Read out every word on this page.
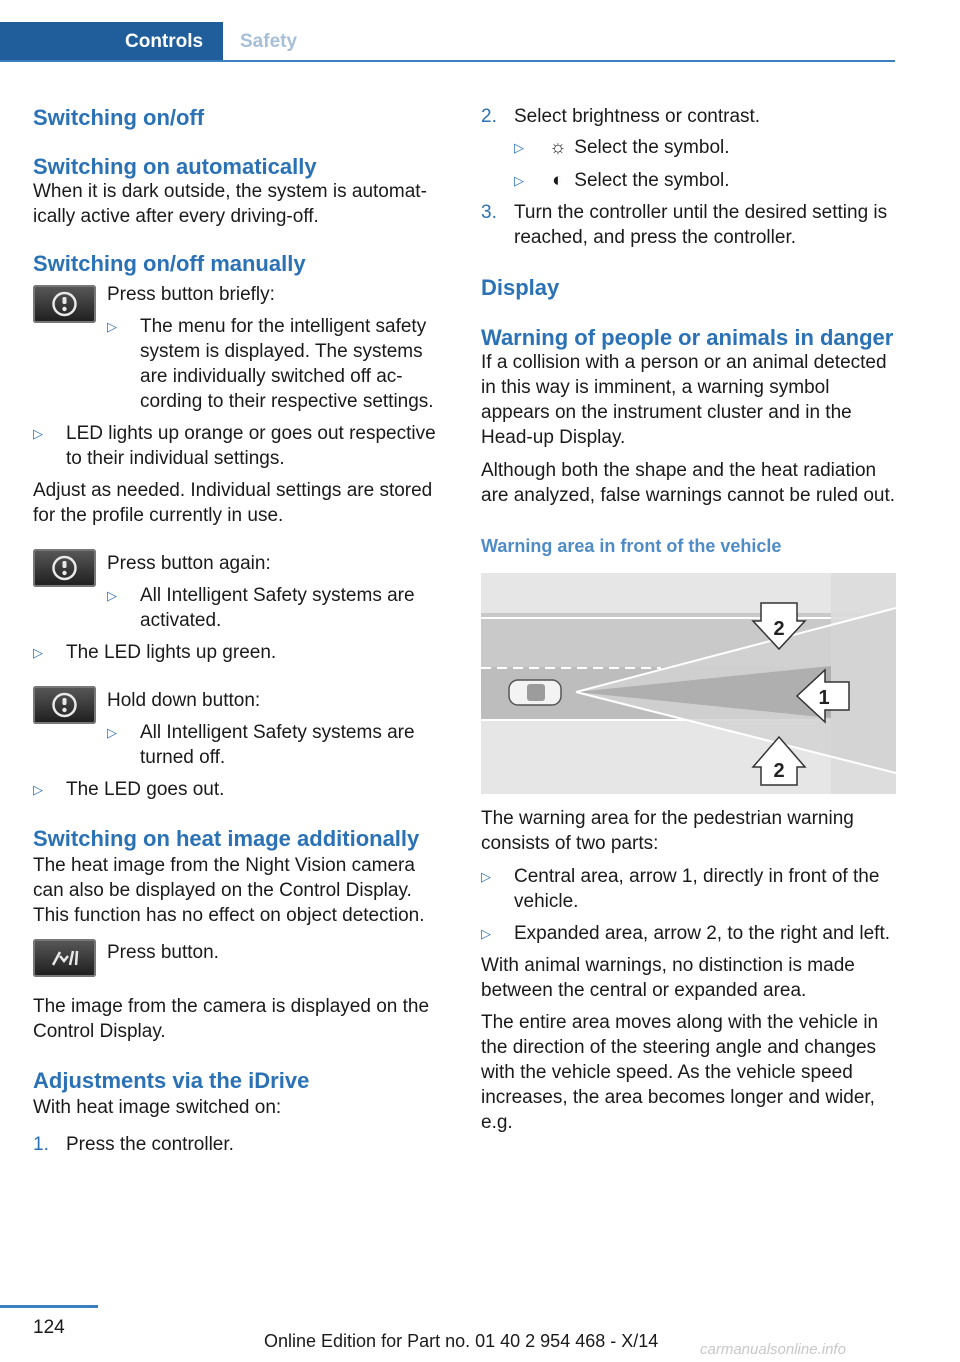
Controls Safety
Switching on/off
Switching on automatically

When it is dark outside, the system is automatically active after every driving-off.

Switching on/off manually

Press button briefly:

▷ The menu for the intelligent safety system is displayed. The systems are individually switched off according to their respective settings.
▷ LED lights up orange or goes out respective to their individual settings.

Adjust as needed. Individual settings are stored for the profile currently in use.

Press button again:

▷ All Intelligent Safety systems are activated.
▷ The LED lights up green.

Hold down button:

▷ All Intelligent Safety systems are turned off.
▷ The LED goes out.
Switching on heat image additionally

The heat image from the Night Vision camera can also be displayed on the Control Display. This function has no effect on object detection.

Press button.

The image from the camera is displayed on the Control Display.

Adjustments via the iDrive

With heat image switched on:

1. Press the controller.
2. Select brightness or contrast.
▷ ☼ Select the symbol.
▷ ◐ Select the symbol.
3. Turn the controller until the desired setting is reached, and press the controller.
Display
Warning of people or animals in danger

If a collision with a person or an animal detected in this way is imminent, a warning symbol appears on the instrument cluster and in the Head-up Display.

Although both the shape and the heat radiation are analyzed, false warnings cannot be ruled out.

Warning area in front of the vehicle
2
1
2

The warning area for the pedestrian warning consists of two parts:

▷ Central area, arrow 1, directly in front of the vehicle.
▷ Expanded area, arrow 2, to the right and left.

With animal warnings, no distinction is made between the central or expanded area.

The entire area moves along with the vehicle in the direction of the steering angle and changes with the vehicle speed. As the vehicle speed increases, the area becomes longer and wider, e.g.

124
Online Edition for Part no. 01 40 2 954 468 - X/14	carmanualsonline.info
